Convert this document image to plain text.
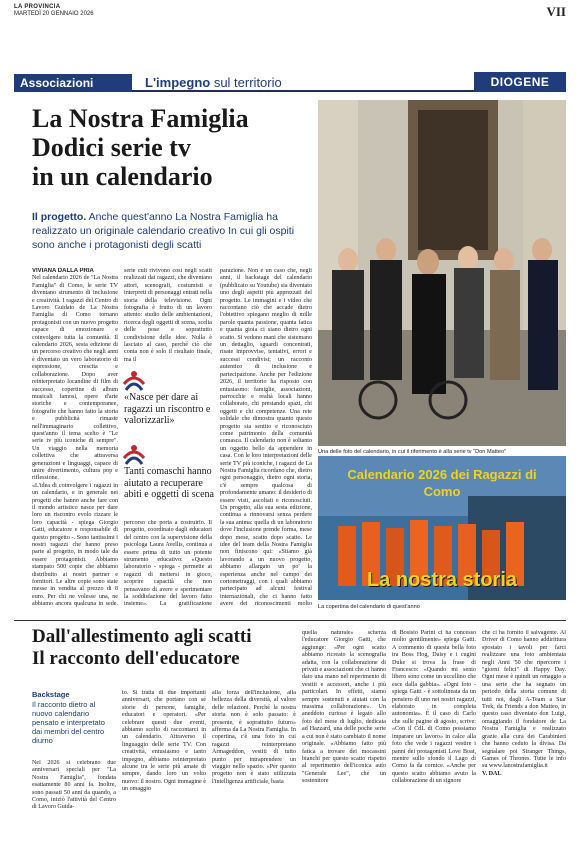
LA PROVINCIA
MARTEDÌ 20 GENNAIO 2026	VII
Associazioni	L'impegno sul territorio	DIOGENE
La Nostra Famiglia
Dodici serie tv
in un calendario
Il progetto. Anche quest'anno La Nostra Famiglia ha realizzato un originale calendario creativo In cui gli ospiti sono anche i protagonisti degli scatti
VIVIANA DALLA PRIA

Nel calendario 2026 de "La Nostra Famiglia" di Como, le serie TV diventano strumento di inclusione e creatività. I ragazzi del Centro di Lavoro Guidato de La Nostra Famiglia di Como tornano protagonisti con un nuovo progetto capace di emozionare e coinvolgere tutta la comunità. Il calendario 2026, sesta edizione di un percorso creativo che negli anni è diventato un vero laboratorio di espressione, crescita e collaborazione. Dopo aver reinterpretato locandine di film di successo, copertine di album musicali famosi, opere d'arte storiche e contemporanee, fotografie che hanno fatto la storia e pubblicità rimaste nell'immaginario collettivo, quest'anno il tema scelto è "Le serie tv più iconiche di sempre". Un viaggio nella memoria collettiva che attraversa generazioni e linguaggi, capace di unire divertimento, cultura pop e riflessione.

«L'idea di coinvolgere i ragazzi in un calendario, e in generale nei progetti che hanno anche fare con il mondo artistico nasce per dare loro un riscontro evolo rizzare le loro capacità - spiega Giorgio Gatti, educatore e responsabile di questo progetto -. Sono tantissimi i nostri ragazzi che hanno preso parte al progetto, in modo tale da essere protagonisti. Abbiamo stampato 500 copie che abbiamo distribuito ai nostri partner e fornitori. Le altre copie sono state messe in vendita al prezzo di 8 euro. Per chi ne volesse una, ne abbiamo ancora qualcuna in sede.

serie cult rivivono così negli scatti realizzati dai ragazzi, che diventano attori, scenografi, costumisti e interpreti di personaggi entrati nella storia della televisione. Ogni fotografia è frutto di un lavoro attento: studio delle ambientazioni, ricerca degli oggetti di scena, scelta delle pose e soprattutto condivisione delle idee. Nulla è lasciato al caso, perché ciò che conta non è solo il risultato finale, ma il

«Nasce per dare ai ragazzi un riscontro e valorizzarli»
Tanti comaschi hanno aiutato a recuperare abiti e oggetti di scena

percorso che porta a costruirlo. Il progetto, coordinato dagli educatori del centro con la supervisione della psicologa Laura Avellis, continua a essere prima di tutto un potente strumento educativo: «Questo laboratorio - spiega - permette ai ragazzi di mettersi in gioco, scoprire capacità che non pensavano di avere e sperimentare la soddisfazione del lavoro fatto insieme». La gratificazione

parazione. Non è un caso che, negli anni, il backstage del calendario (pubblicato su Youtube) sia diventato uno degli aspetti più apprezzati del progetto. Le immagini e i video che raccontano ciò che accade dietro l'obiettivo spiegano meglio di mille parole quanta passione, quanta fatica e quanta gioia ci siano dietro ogni scatto. Si vedono mani che sistemano un dettaglio, sguardi concentrati, risate improvvise, tentativi, errori e successi condivisi; un racconto autentico di inclusione e partecipazione. Anche per l'edizione 2026, il territorio ha risposto con entusiasmo: famiglie, associazioni, parrocchie e realtà locali hanno collaborato, chi prestando spazi, chi oggetti e chi competenze. Una rete solidale che dimostra quanto questo progetto sia sentito e riconosciuto come patrimonio della comunità comasca. Il calendario non è soltanto un oggetto bello da appendere in casa. Con le loro interpretazioni delle serie TV più iconiche, i ragazzi de La Nostra Famiglia ricordano che, dietro ogni personaggio, dietro ogni storia, c'è sempre qualcosa di profondamente umano: il desiderio di essere visti, ascoltati e riconosciuti. Un progetto, alla sua sesta edizione, continua a rinnovarsi senza perdere la sua anima: quella di un laboratorio dove l'inclusione prende forma, mese dopo mese, scatto dopo scatto. Le idee del team della Nostra Famiglia non finiscono qui: «Stiamo già lavorando a un nuovo progetto, abbiamo allargato un po' la esperienza anche nel campo dei cortometraggi, con i quali abbiamo partecipato ad alcuni festival internazionali, che ci hanno fatto avere dei riconoscimenti molto

Una delle foto del calendario, in cui il riferimento è alla serie tv "Don Matteo"
Calendario 2026 dei Ragazzi di Como
La nostra storia
La copertina del calendario di quest'anno
Dall'allestimento agli scatti
Il racconto dell'educatore
Backstage
Il racconto dietro al nuovo calendario pensato e interpretato dai membri del centro diurno

Nel 2026 si celebrano due anniversari speciali per "La Nostra Famiglia", fondata esattamente 80 anni fa. Inoltre, sono passati 50 anni da quando, a Como, iniziò l'attività del Centro di Lavoro Guida-

to. Si tratta di due importanti anniversari, che portano con sé storie di persone, famiglie, educatori e operatori. «Per celebrare questi due eventi, abbiamo scelto di raccontarci in un calendario. Attraverso il linguaggio delle serie TV. Con creatività, entusiasmo e tanto impegno, abbiamo reinterpretato alcune tra le serie più amate di sempre, dando loro un volto nuovo: il nostro. Ogni immagine è un omaggio

alla forza dell'inclusione, alla bellezza della diversità, al valore delle relazioni. Perché la nostra storia non è solo passato: è presente, è soprattutto futuro» afferma da La Nostra Famiglia. In copertina, c'è una foto in cui ragazzi reinterpretano Armageddon, vestiti di tutto punto per intraprendere un viaggio nello spazio. «Per questo progetto non è stato utilizzata l'intelligenza artificiale, basta

quella naturale» scherza l'educatore Giorgio Gatti, che aggiunge: «Per ogni scatto abbiamo ricreato la scenografia adatta, con la collaborazione di privati e associazioni che ci hanno dato una mano nel reperimento di vestiti e accessori, anche i più particolari. In effetti, siamo sempre sostenuti e aiutati con la massima collaborazione». Un aneddoto curioso è legato allo foto del mese di luglio, dedicata ad Hazzard, una delle poche serie a cui non è stato cambiato il nome originale. «Abbiamo fatto più fatica a trovare dei mocassini bianchi per questo scatto rispetto al reperimento dell'iconica auto "Generale Lee", che un sostenitore

di Bosisio Parini ci ha concesso molto gentilmente» spiega Gatti. A commento di questa bella foto tra Boss Hog, Daisy e i cugini Duke si trova la frase di Francesco: «Quando mi sento libero sono come un uccellino che esce dalla gabbia». «Ogni foto - spiega Gatti - è sottolineata da un pensiero di uno nei nostri ragazzi, elaborato in completa autonomia». È il caso di Carlo che sulle pagine di agosto, scrive: «Con il CdL di Como possiamo imparare un lavoro» in calce alla foto che vede i ragazzi vestire i panni dei protagonisti Love Boat, mentre sullo sfondo il Lago di Como fa da cornice. «Anche per questo scatto abbiamo avuto la collaborazione di un signore

che ci ha fornito il salvagente. Al Driver di Como hanno addirittura spostato i tavoli per farci realizzare una foto ambientata negli Anni '50 che ripercorre i "giorni felici" di Happy Day. Ogni mese è quindi un omaggio a una serie che ha segnato un periodo della storia comune di tutti noi, dagli A-Team a Star Trek, da Friends a don Matteo, in questo caso diventato don Luigi, omaggiando il fondatore de La Nostra Famiglia e realizzato grazie alla cura dei Carabinieri che hanno ceduto la divisa. Da segnalare poi Stranger Things, Games of Thrones. Tutte le info su www.lanostrafamiglia.it

V. DAL
